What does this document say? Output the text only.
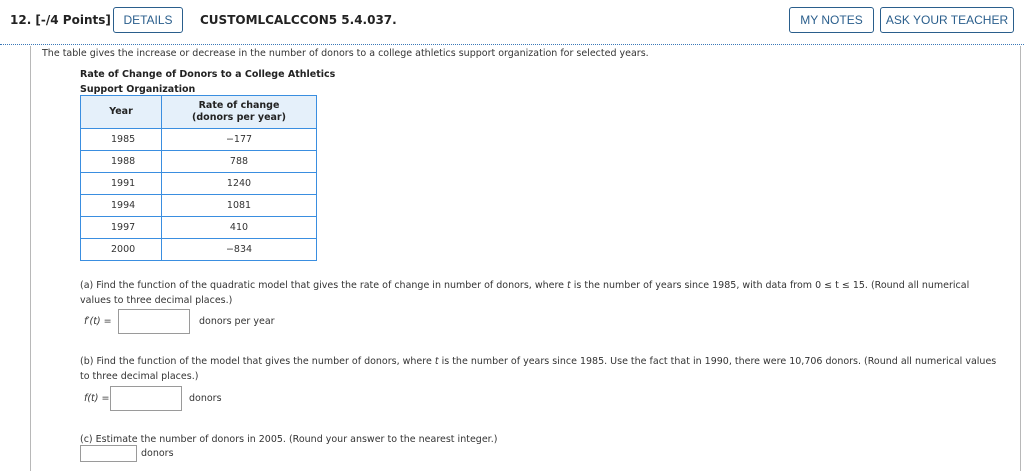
12. [-/4 Points]	DETAILS	CUSTOMLCALCCON5 5.4.037.	MY NOTES	ASK YOUR TEACHER
The table gives the increase or decrease in the number of donors to a college athletics support organization for selected years.
Rate of Change of Donors to a College Athletics
Support Organization
Year	Rate of change
(donors per year)

1985	−177
1988	788
1991	1240
1994	1081
1997	410
2000	−834
(a) Find the function of the quadratic model that gives the rate of change in number of donors, where t is the number of years since 1985, with data from 0 ≤ t ≤ 15. (Round all numerical
values to three decimal places.)
f′(t) =	donors per year
(b) Find the function of the model that gives the number of donors, where t is the number of years since 1985. Use the fact that in 1990, there were 10,706 donors. (Round all numerical values
to three decimal places.)
f(t) =	donors
(c) Estimate the number of donors in 2005. (Round your answer to the nearest integer.)
donors
